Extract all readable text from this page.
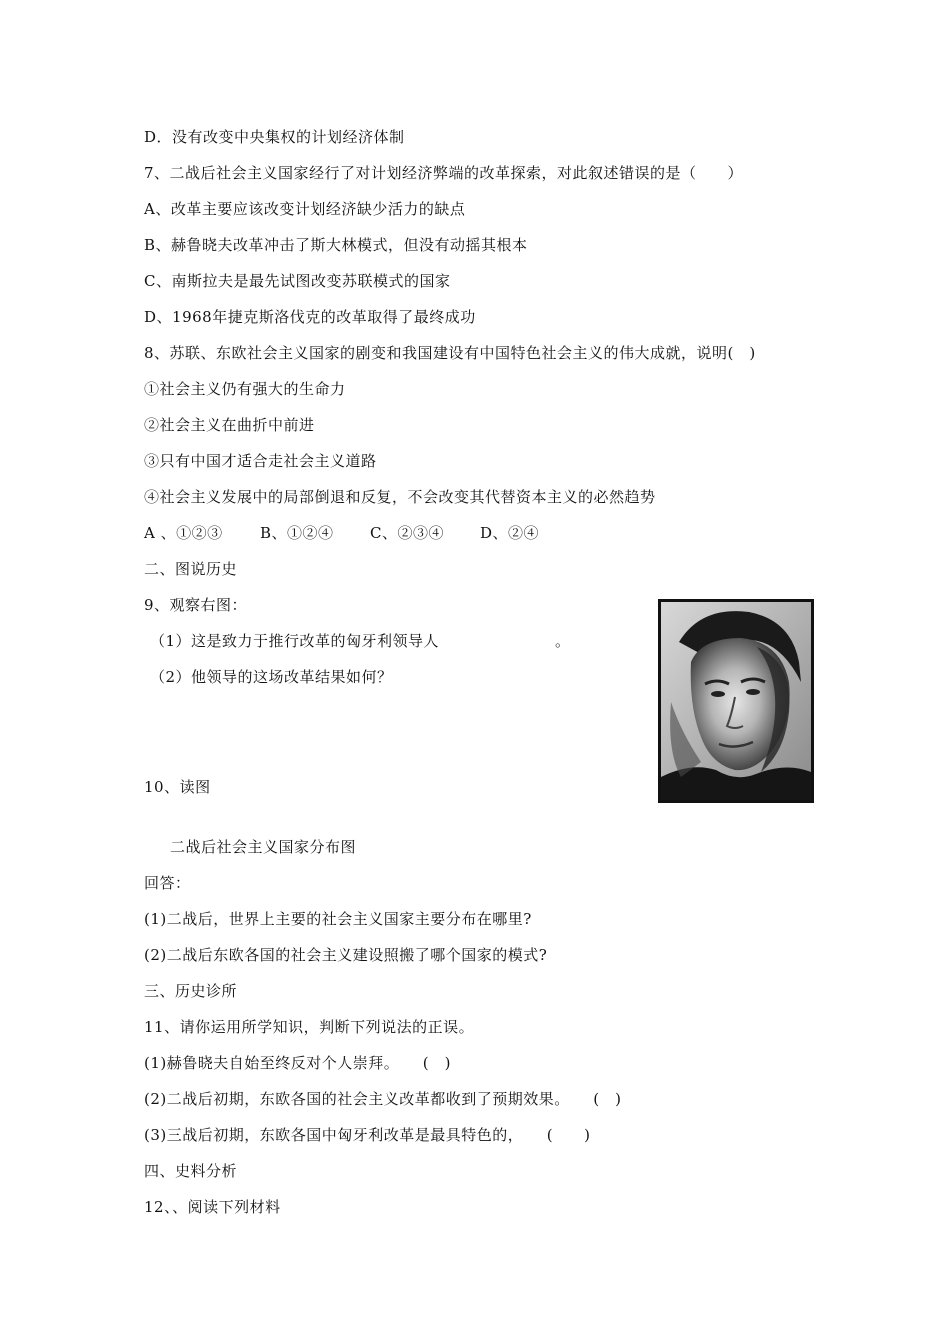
D．没有改变中央集权的计划经济体制
7、二战后社会主义国家经行了对计划经济弊端的改革探索，对此叙述错误的是（　　）
A、改革主要应该改变计划经济缺少活力的缺点
B、赫鲁晓夫改革冲击了斯大林模式，但没有动摇其根本
C、南斯拉夫是最先试图改变苏联模式的国家
D、1968年捷克斯洛伐克的改革取得了最终成功
8、苏联、东欧社会主义国家的剧变和我国建设有中国特色社会主义的伟大成就，说明(　)
①社会主义仍有强大的生命力
②社会主义在曲折中前进
③只有中国才适合走社会主义道路
④社会主义发展中的局部倒退和反复，不会改变其代替资本主义的必然趋势
A 、①②③ B、①②④ C、②③④ D、②④
二、图说历史
9、观察右图：
（1）这是致力于推行改革的匈牙利领导人	。
（2）他领导的这场改革结果如何？
10、读图
二战后社会主义国家分布图
回答：
(1)二战后，世界上主要的社会主义国家主要分布在哪里?
(2)二战后东欧各国的社会主义建设照搬了哪个国家的模式?
三、历史诊所
11、请你运用所学知识，判断下列说法的正误。
(1)赫鲁晓夫自始至终反对个人崇拜。　　(　)
(2)二战后初期，东欧各国的社会主义改革都收到了预期效果。　　(　)
(3)三战后初期，东欧各国中匈牙利改革是最具特色的，　　(　　)
四、史料分析
12、、阅读下列材料
